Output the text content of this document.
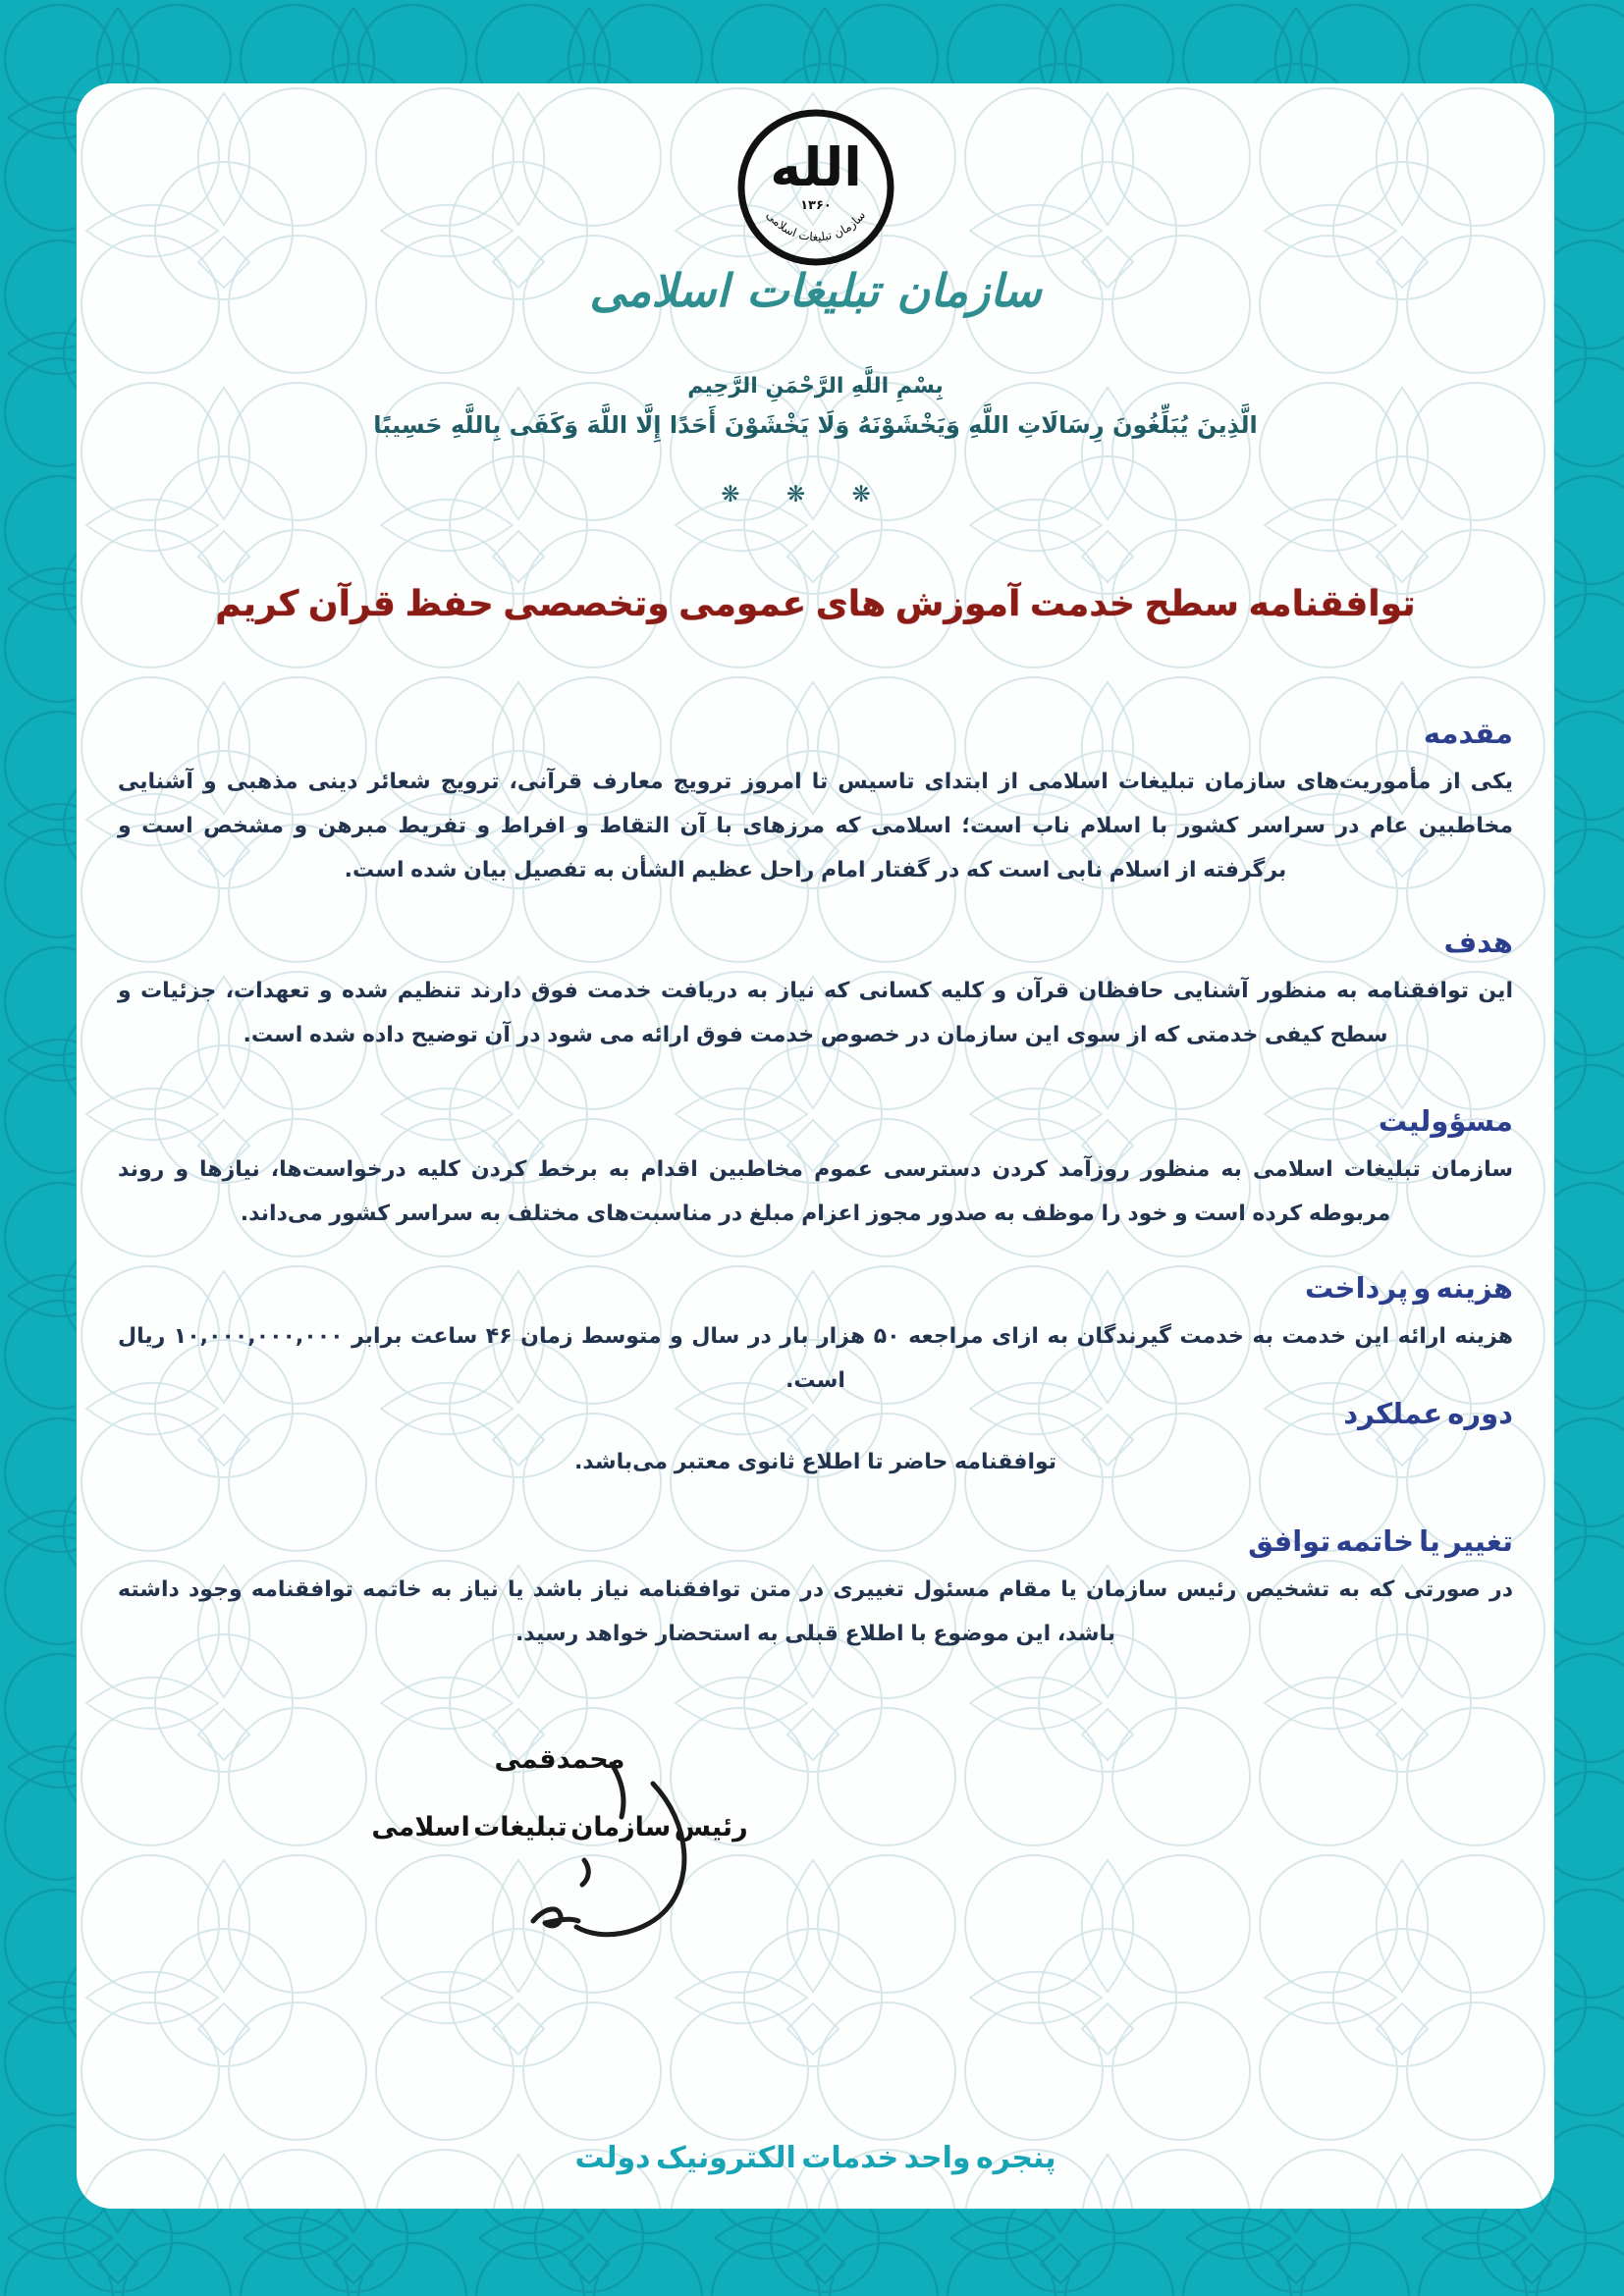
الله
۱۳۶۰
سازمان تبلیغات اسلامی
سازمان تبلیغات اسلامی
بِسْمِ اللَّهِ الرَّحْمَنِ الرَّحِیم
الَّذِينَ يُبَلِّغُونَ رِسَالَاتِ اللَّهِ وَيَخْشَوْنَهُ وَلَا يَخْشَوْنَ أَحَدًا إِلَّا اللَّهَ وَكَفَى بِاللَّهِ حَسِيبًا
❋ ❋ ❋
توافقنامه سطح خدمت آموزش های عمومی وتخصصی حفظ قرآن کریم
مقدمه

یکی از مأموریت‌های سازمان تبلیغات اسلامی از ابتدای تاسیس تا امروز ترویج معارف قرآنی، ترویج شعائر دینی مذهبی و آشنایی مخاطبین عام در سراسر کشور با اسلام ناب است؛ اسلامی که مرزهای با آن التقاط و افراط و تفریط مبرهن و مشخص است و برگرفته از اسلام نابی است که در گفتار امام راحل عظیم الشأن به تفصیل بیان شده است.

هدف

این توافقنامه به منظور آشنایی حافظان قرآن و کلیه کسانی که نیاز به دریافت خدمت فوق دارند تنظیم شده و تعهدات، جزئیات و سطح کیفی خدمتی که از سوی این سازمان در خصوص خدمت فوق ارائه می شود در آن توضیح داده شده است.

مسؤولیت

سازمان تبلیغات اسلامی به منظور روزآمد کردن دسترسی عموم مخاطبین اقدام به برخط کردن کلیه درخواست‌ها، نیازها و روند مربوطه کرده است و خود را موظف به صدور مجوز اعزام مبلغ در مناسبت‌های مختلف به سراسر کشور می‌داند.

هزینه و پرداخت

هزینه ارائه این خدمت به خدمت گیرندگان به ازای مراجعه ۵۰ هزار بار در سال و متوسط زمان ۴۶ ساعت برابر ۱۰,۰۰۰,۰۰۰,۰۰۰ ریال است.

دوره عملکرد

توافقنامه حاضر تا اطلاع ثانوی معتبر می‌باشد.

تغییر یا خاتمه توافق

در صورتی که به تشخیص رئیس سازمان یا مقام مسئول تغییری در متن توافقنامه نیاز باشد یا نیاز به خاتمه توافقنامه وجود داشته باشد، این موضوع با اطلاع قبلی به استحضار خواهد رسید.

محمدقمی
رئیس سازمان تبلیغات اسلامی
پنجره واحد خدمات الکترونیک دولت
